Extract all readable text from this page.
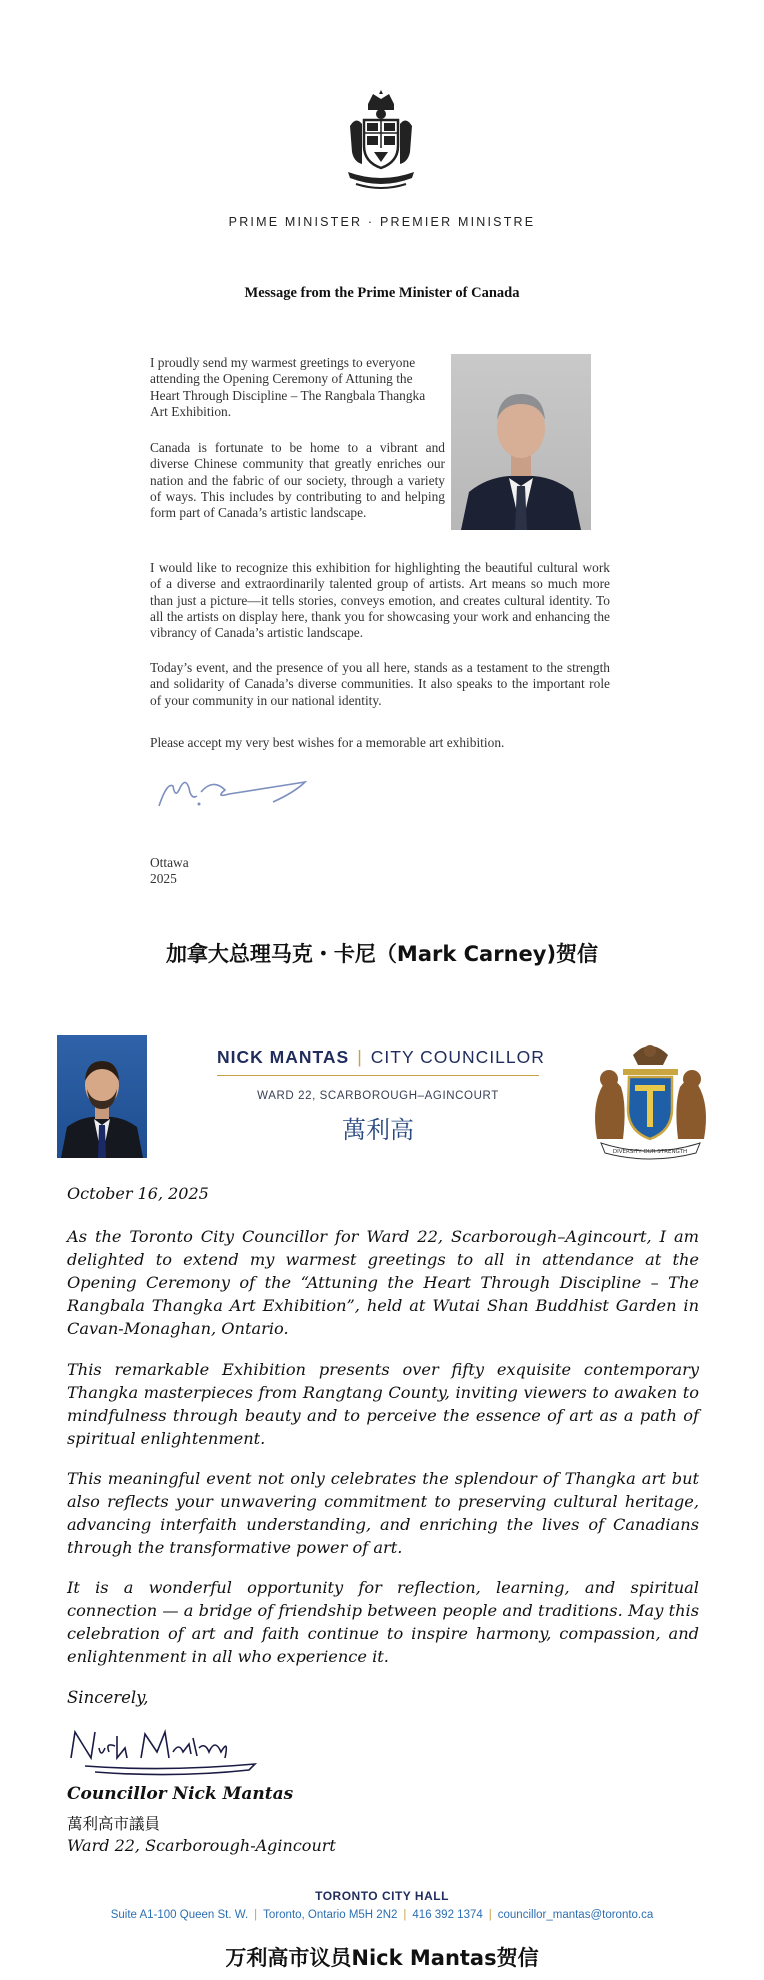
PRIME MINISTER · PREMIER MINISTRE
Message from the Prime Minister of Canada

I proudly send my warmest greetings to everyone attending the Opening Ceremony of Attuning the Heart Through Discipline – The Rangbala Thangka Art Exhibition.

Canada is fortunate to be home to a vibrant and diverse Chinese community that greatly enriches our nation and the fabric of our society, through a variety of ways. This includes by contributing to and helping form part of Canada’s artistic landscape.

I would like to recognize this exhibition for highlighting the beautiful cultural work of a diverse and extraordinarily talented group of artists. Art means so much more than just a picture—it tells stories, conveys emotion, and creates cultural identity. To all the artists on display here, thank you for showcasing your work and enhancing the vibrancy of Canada’s artistic landscape.

Today’s event, and the presence of you all here, stands as a testament to the strength and solidarity of Canada’s diverse communities. It also speaks to the important role of your community in our national identity.

Please accept my very best wishes for a memorable art exhibition.

Ottawa
2025
加拿大总理马克・卡尼（Mark Carney)贺信
NICK MANTAS | CITY COUNCILLOR
WARD 22, SCARBOROUGH–AGINCOURT
萬利高
DIVERSITY OUR STRENGTH
October 16, 2025

As the Toronto City Councillor for Ward 22, Scarborough–Agincourt, I am delighted to extend my warmest greetings to all in attendance at the Opening Ceremony of the “Attuning the Heart Through Discipline – The Rangbala Thangka Art Exhibition”, held at Wutai Shan Buddhist Garden in Cavan-Monaghan, Ontario.

This remarkable Exhibition presents over fifty exquisite contemporary Thangka masterpieces from Rangtang County, inviting viewers to awaken to mindfulness through beauty and to perceive the essence of art as a path of spiritual enlightenment.

This meaningful event not only celebrates the splendour of Thangka art but also reflects your unwavering commitment to preserving cultural heritage, advancing interfaith understanding, and enriching the lives of Canadians through the transformative power of art.

It is a wonderful opportunity for reflection, learning, and spiritual connection — a bridge of friendship between people and traditions. May this celebration of art and faith continue to inspire harmony, compassion, and enlightenment in all who experience it.

Sincerely,
Councillor Nick Mantas
萬利高市議員
Ward 22, Scarborough-Agincourt
TORONTO CITY HALL
Suite A1-100 Queen St. W. | Toronto, Ontario M5H 2N2 | 416 392 1374 | councillor_mantas@toronto.ca
万利高市议员Nick Mantas贺信
